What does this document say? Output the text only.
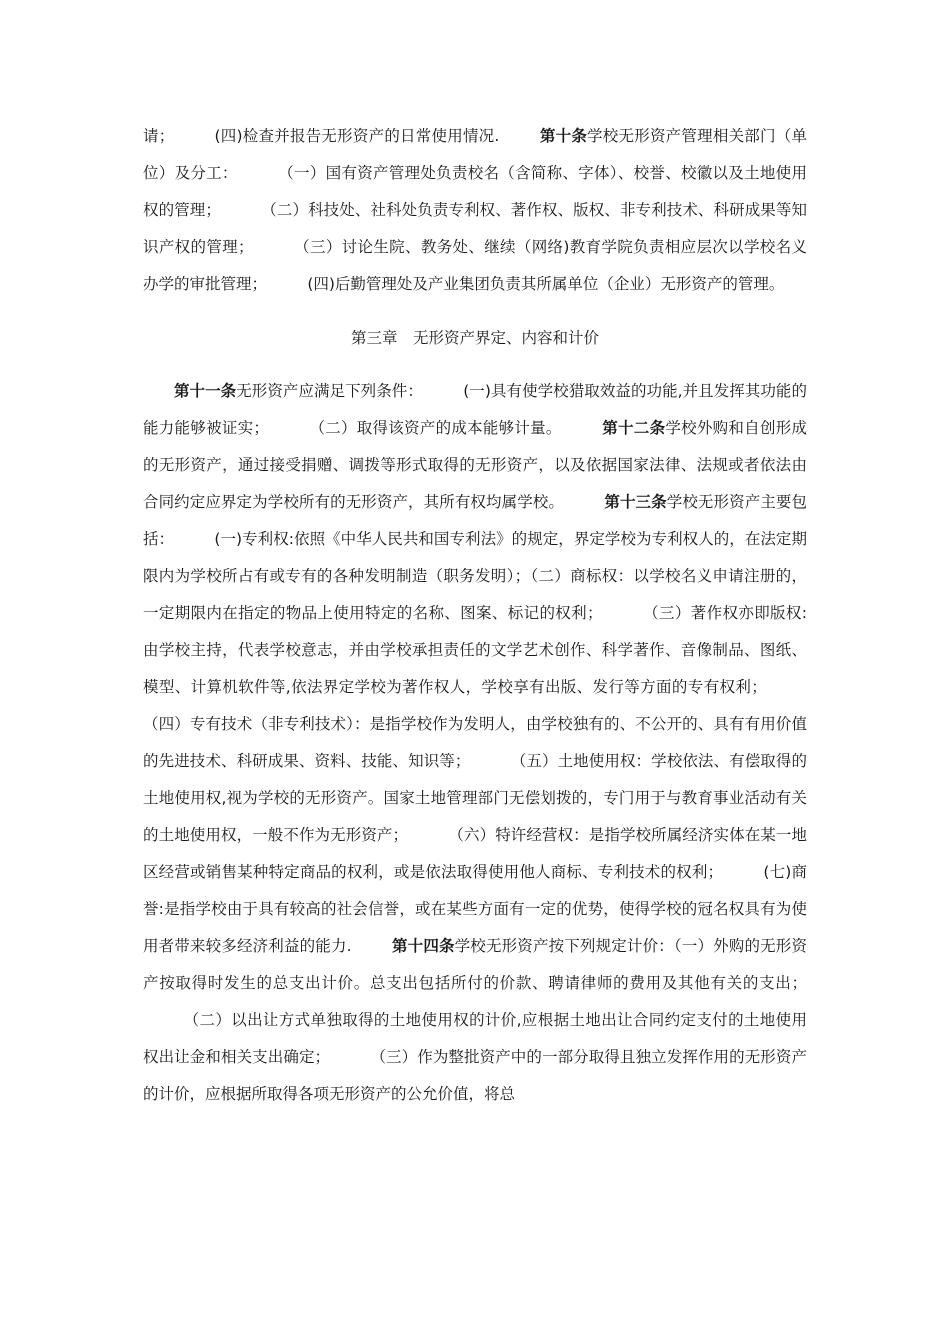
请；	(四)检查并报告无形资产的日常使用情况.	第十条学校无形资产管理相关部门（单位）及分工：	（一）国有资产管理处负责校名（含简称、字体）、校誉、校徽以及土地使用权的管理；	（二）科技处、社科处负责专利权、著作权、版权、非专利技术、科研成果等知识产权的管理；	（三）讨论生院、教务处、继续（网络)教育学院负责相应层次以学校名义办学的审批管理；	(四)后勤管理处及产业集团负责其所属单位（企业）无形资产的管理。

第三章　无形资产界定、内容和计价

第十一条无形资产应满足下列条件：	(一)具有使学校猎取效益的功能,并且发挥其功能的能力能够被证实；	（二）取得该资产的成本能够计量。	第十二条学校外购和自创形成的无形资产，通过接受捐赠、调拨等形式取得的无形资产，以及依据国家法律、法规或者依法由合同约定应界定为学校所有的无形资产，其所有权均属学校。	第十三条学校无形资产主要包括：	(一)专利权:依照《中华人民共和国专利法》的规定，界定学校为专利权人的，在法定期限内为学校所占有或专有的各种发明制造（职务发明）；（二）商标权：以学校名义申请注册的，一定期限内在指定的物品上使用特定的名称、图案、标记的权利；	（三）著作权亦即版权:由学校主持，代表学校意志，并由学校承担责任的文学艺术创作、科学著作、音像制品、图纸、模型、计算机软件等,依法界定学校为著作权人，学校享有出版、发行等方面的专有权利；（四）专有技术（非专利技术）：是指学校作为发明人，由学校独有的、不公开的、具有有用价值的先进技术、科研成果、资料、技能、知识等；	（五）土地使用权：学校依法、有偿取得的土地使用权,视为学校的无形资产。国家土地管理部门无偿划拨的，专门用于与教育事业活动有关的土地使用权，一般不作为无形资产；	（六）特许经营权：是指学校所属经济实体在某一地区经营或销售某种特定商品的权利，或是依法取得使用他人商标、专利技术的权利；	(七)商誉:是指学校由于具有较高的社会信誉，或在某些方面有一定的优势，使得学校的冠名权具有为使用者带来较多经济利益的能力.	第十四条学校无形资产按下列规定计价：（一）外购的无形资产按取得时发生的总支出计价。总支出包括所付的价款、聘请律师的费用及其他有关的支出；（二）以出让方式单独取得的土地使用权的计价,应根据土地出让合同约定支付的土地使用权出让金和相关支出确定；	（三）作为整批资产中的一部分取得且独立发挥作用的无形资产的计价，应根据所取得各项无形资产的公允价值，将总
